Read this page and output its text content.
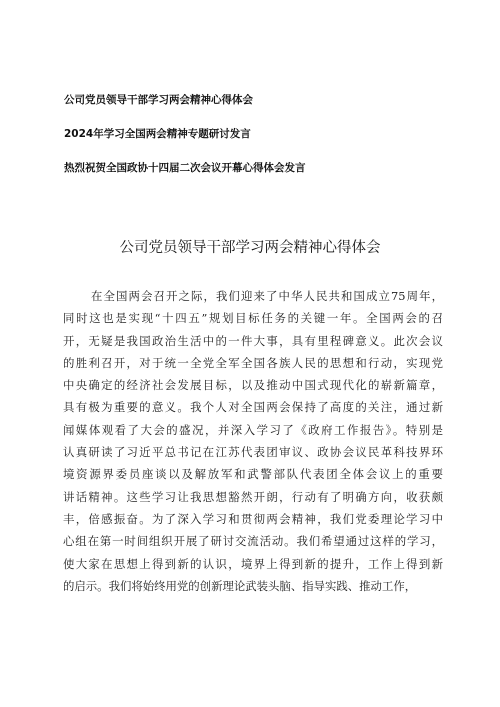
公司党员领导干部学习两会精神心得体会
2024年学习全国两会精神专题研讨发言
热烈祝贺全国政协十四届二次会议开幕心得体会发言
公司党员领导干部学习两会精神心得体会
在全国两会召开之际，我们迎来了中华人民共和国成立75周年，
同时这也是实现“十四五”规划目标任务的关键一年。全国两会的召
开，无疑是我国政治生活中的一件大事，具有里程碑意义。此次会议
的胜利召开，对于统一全党全军全国各族人民的思想和行动，实现党
中央确定的经济社会发展目标，以及推动中国式现代化的崭新篇章，
具有极为重要的意义。我个人对全国两会保持了高度的关注，通过新
闻媒体观看了大会的盛况，并深入学习了《政府工作报告》。特别是
认真研读了习近平总书记在江苏代表团审议、政协会议民革科技界环
境资源界委员座谈以及解放军和武警部队代表团全体会议上的重要
讲话精神。这些学习让我思想豁然开朗，行动有了明确方向，收获颇
丰，倍感振奋。为了深入学习和贯彻两会精神，我们党委理论学习中
心组在第一时间组织开展了研讨交流活动。我们希望通过这样的学习，
使大家在思想上得到新的认识，境界上得到新的提升，工作上得到新
的启示。我们将始终用党的创新理论武装头脑、指导实践、推动工作，
